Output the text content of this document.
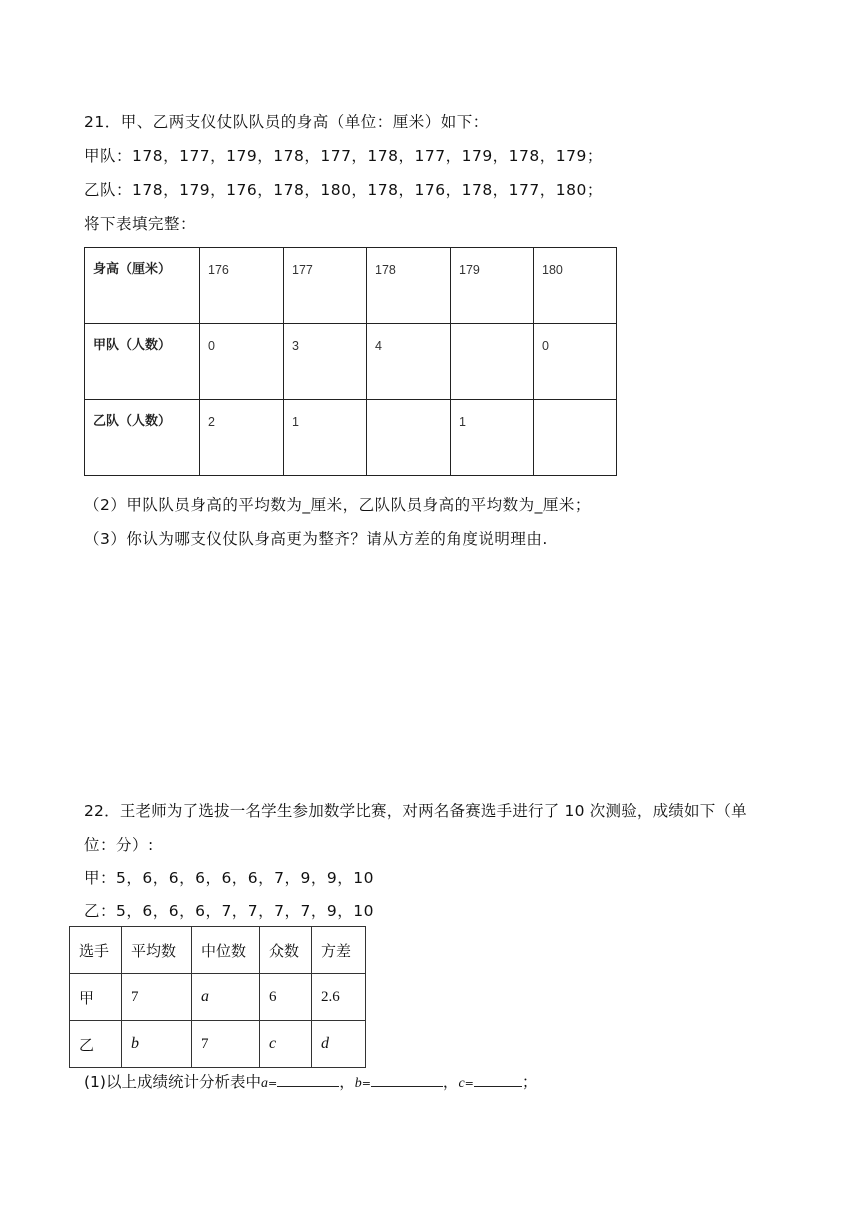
21．甲、乙两支仪仗队队员的身高（单位：厘米）如下：
甲队：178，177，179，178，177，178，177，179，178，179；
乙队：178，179，176，178，180，178，176，178，177，180；
将下表填完整：
身高（厘米）	176	177	178	179	180
甲队（人数）	0	3	4		0
乙队（人数）	2	1		1	
（2）甲队队员身高的平均数为_厘米，乙队队员身高的平均数为_厘米；
（3）你认为哪支仪仗队身高更为整齐？请从方差的角度说明理由.
22．王老师为了选拔一名学生参加数学比赛，对两名备赛选手进行了 10 次测验，成绩如下（单
位：分）:
甲：5，6，6，6，6，6，7，9，9，10
乙：5，6，6，6，7，7，7，7，9，10
选手	平均数	中位数	众数	方差
甲	7	a	6	2.6
乙	b	7	c	d
(1)以上成绩统计分析表中a=	，b=	，c=	；
